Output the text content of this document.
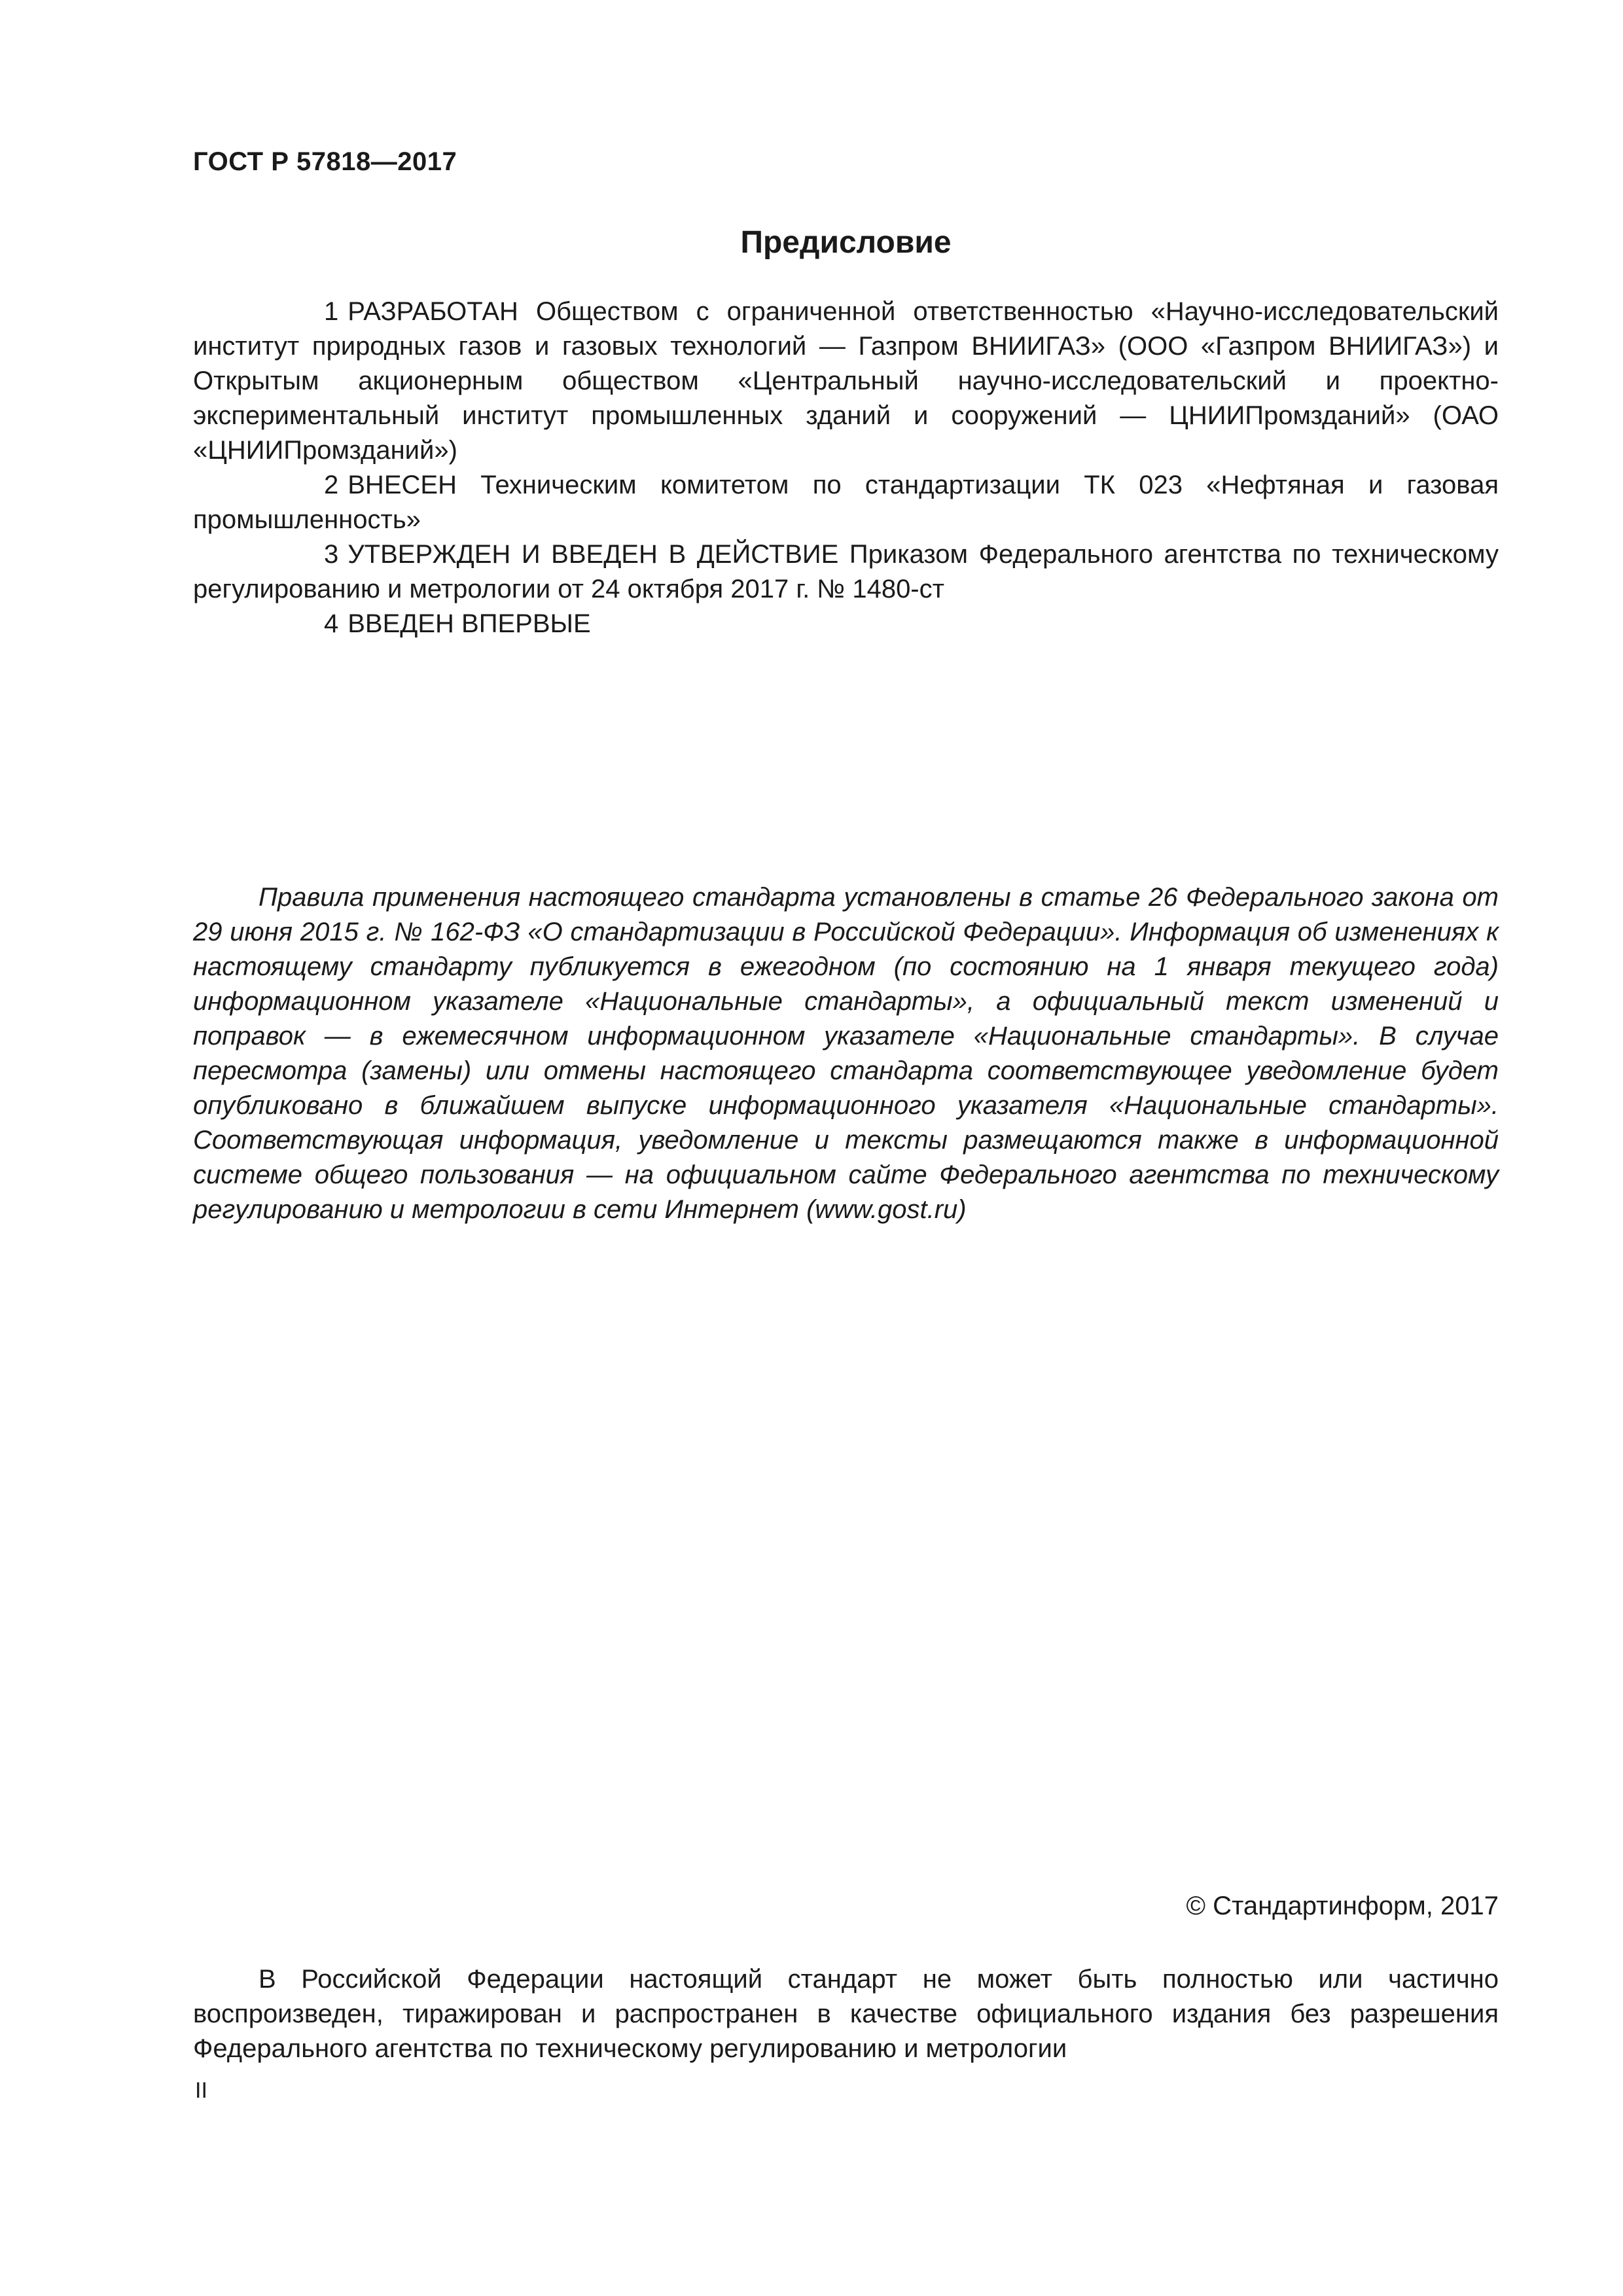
ГОСТ Р 57818—2017
Предисловие

1 РАЗРАБОТАН Обществом с ограниченной ответственностью «Научно-исследовательский институт природных газов и газовых технологий — Газпром ВНИИГАЗ» (ООО «Газпром ВНИИГАЗ») и Открытым акционерным обществом «Центральный научно-исследовательский и проектно-экспериментальный институт промышленных зданий и сооружений — ЦНИИПромзданий» (ОАО «ЦНИИПромзданий»)

2 ВНЕСЕН Техническим комитетом по стандартизации ТК 023 «Нефтяная и газовая промышленность»

3 УТВЕРЖДЕН И ВВЕДЕН В ДЕЙСТВИЕ Приказом Федерального агентства по техническому регулированию и метрологии от 24 октября 2017 г. № 1480-ст

4 ВВЕДЕН ВПЕРВЫЕ

Правила применения настоящего стандарта установлены в статье 26 Федерального закона от 29 июня 2015 г. № 162-ФЗ «О стандартизации в Российской Федерации». Информация об изменениях к настоящему стандарту публикуется в ежегодном (по состоянию на 1 января текущего года) информационном указателе «Национальные стандарты», а официальный текст изменений и поправок — в ежемесячном информационном указателе «Национальные стандарты». В случае пересмотра (замены) или отмены настоящего стандарта соответствующее уведомление будет опубликовано в ближайшем выпуске информационного указателя «Национальные стандарты». Соответствующая информация, уведомление и тексты размещаются также в информационной системе общего пользования — на официальном сайте Федерального агентства по техническому регулированию и метрологии в сети Интернет (www.gost.ru)

© Стандартинформ, 2017

В Российской Федерации настоящий стандарт не может быть полностью или частично воспроизведен, тиражирован и распространен в качестве официального издания без разрешения Федерального агентства по техническому регулированию и метрологии

II
